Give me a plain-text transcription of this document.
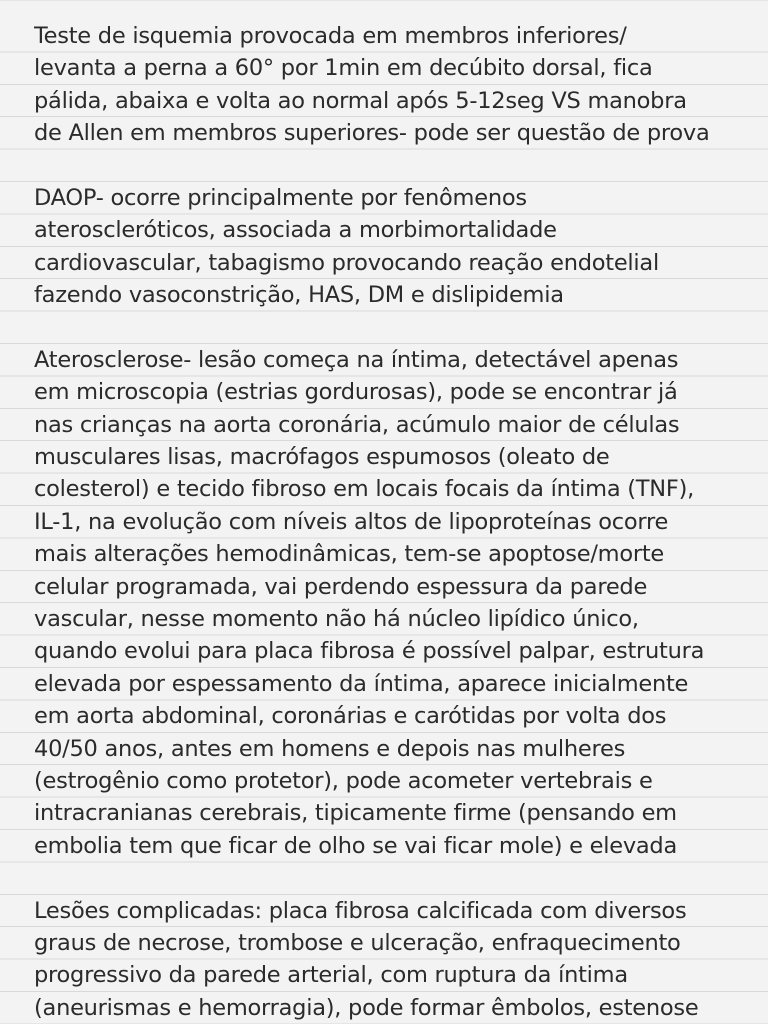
Teste de isquemia provocada em membros inferiores/
levanta a perna a 60° por 1min em decúbito dorsal, fica
pálida, abaixa e volta ao normal após 5-12seg VS manobra
de Allen em membros superiores- pode ser questão de prova
DAOP- ocorre principalmente por fenômenos
ateroscleróticos, associada a morbimortalidade
cardiovascular, tabagismo provocando reação endotelial
fazendo vasoconstrição, HAS, DM e dislipidemia
Aterosclerose- lesão começa na íntima, detectável apenas
em microscopia (estrias gordurosas), pode se encontrar já
nas crianças na aorta coronária, acúmulo maior de células
musculares lisas, macrófagos espumosos (oleato de
colesterol) e tecido fibroso em locais focais da íntima (TNF),
IL-1, na evolução com níveis altos de lipoproteínas ocorre
mais alterações hemodinâmicas, tem-se apoptose/morte
celular programada, vai perdendo espessura da parede
vascular, nesse momento não há núcleo lipídico único,
quando evolui para placa fibrosa é possível palpar, estrutura
elevada por espessamento da íntima, aparece inicialmente
em aorta abdominal, coronárias e carótidas por volta dos
40/50 anos, antes em homens e depois nas mulheres
(estrogênio como protetor), pode acometer vertebrais e
intracranianas cerebrais, tipicamente firme (pensando em
embolia tem que ficar de olho se vai ficar mole) e elevada
Lesões complicadas: placa fibrosa calcificada com diversos
graus de necrose, trombose e ulceração, enfraquecimento
progressivo da parede arterial, com ruptura da íntima
(aneurismas e hemorragia), pode formar êmbolos, estenose
